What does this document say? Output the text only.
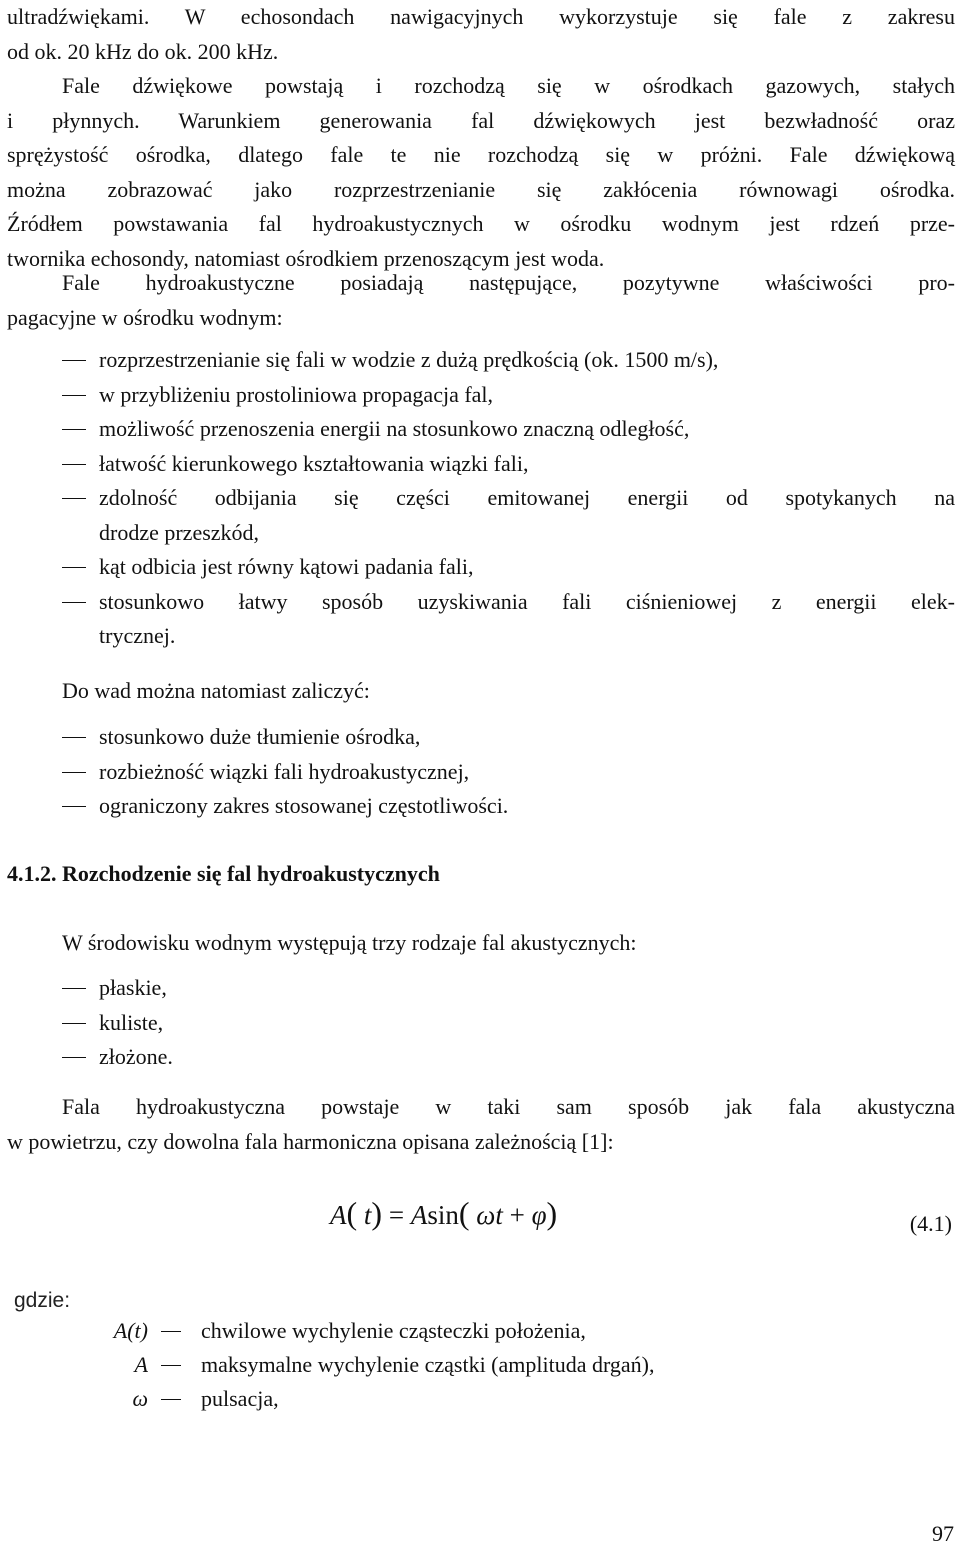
ultradźwiękami. W echosondach nawigacyjnych wykorzystuje się fale z zakresu
od ok. 20 kHz do ok. 200 kHz.
Fale dźwiękowe powstają i rozchodzą się w ośrodkach gazowych, stałych
i płynnych. Warunkiem generowania fal dźwiękowych jest bezwładność oraz
sprężystość ośrodka, dlatego fale te nie rozchodzą się w próżni. Fale dźwiękową
można zobrazować jako rozprzestrzenianie się zakłócenia równowagi ośrodka.
Źródłem powstawania fal hydroakustycznych w ośrodku wodnym jest rdzeń prze-
twornika echosondy, natomiast ośrodkiem przenoszącym jest woda.
Fale hydroakustyczne posiadają następujące, pozytywne właściwości pro-
pagacyjne w ośrodku wodnym:
rozprzestrzenianie się fali w wodzie z dużą prędkością (ok. 1500 m/s),
w przybliżeniu prostoliniowa propagacja fal,
możliwość przenoszenia energii na stosunkowo znaczną odległość,
łatwość kierunkowego kształtowania wiązki fali,
zdolność odbijania się części emitowanej energii od spotykanych na
drodze przeszkód,
kąt odbicia jest równy kątowi padania fali,
stosunkowo łatwy sposób uzyskiwania fali ciśnieniowej z energii elek-
trycznej.
Do wad można natomiast zaliczyć:
stosunkowo duże tłumienie ośrodka,
rozbieżność wiązki fali hydroakustycznej,
ograniczony zakres stosowanej częstotliwości.
4.1.2. Rozchodzenie się fal hydroakustycznych
W środowisku wodnym występują trzy rodzaje fal akustycznych:
płaskie,
kuliste,
złożone.
Fala hydroakustyczna powstaje w taki sam sposób jak fala akustyczna
w powietrzu, czy dowolna fala harmoniczna opisana zależnością [1]:
A( t) = Asin( ωt + φ)	(4.1)
gdzie:
A(t) chwilowe wychylenie cząsteczki położenia,
A maksymalne wychylenie cząstki (amplituda drgań),
ω pulsacja,
97
